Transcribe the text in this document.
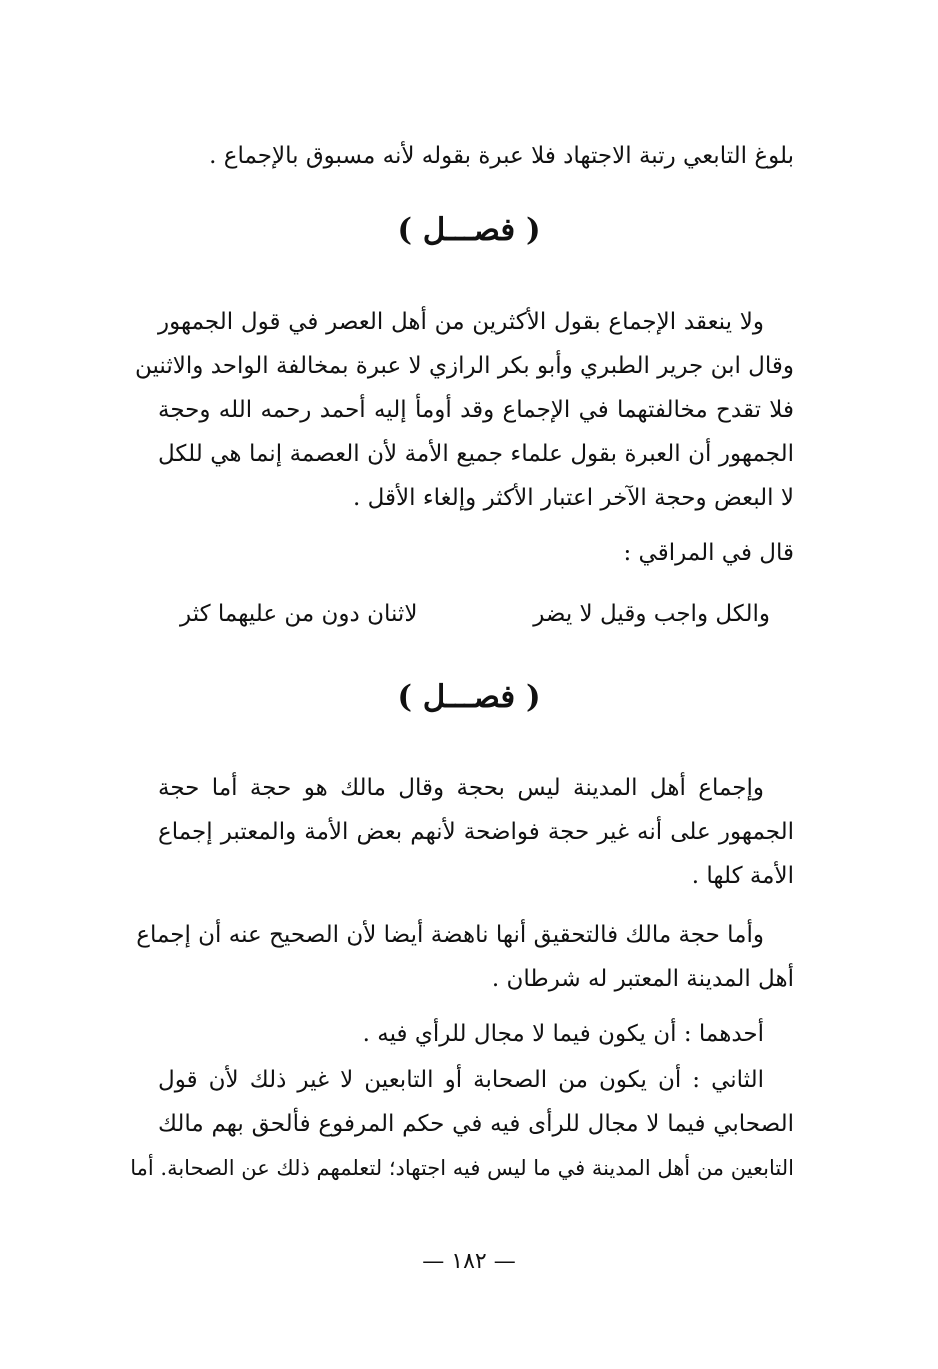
بلوغ التابعي رتبة الاجتهاد فلا عبرة بقوله لأنه مسبوق بالإجماع .
( فصـــل )
ولا ينعقد الإجماع بقول الأكثرين من أهل العصر في قول الجمهور
وقال ابن جرير الطبري وأبو بكر الرازي لا عبرة بمخالفة الواحد والاثنين
فلا تقدح مخالفتهما في الإجماع وقد أومأ إليه أحمد رحمه الله وحجة
الجمهور أن العبرة بقول علماء جميع الأمة لأن العصمة إنما هي للكل
لا البعض وحجة الآخر اعتبار الأكثر وإلغاء الأقل .
قال في المراقي :
والكل واجب وقيل لا يضر
لاثنان دون من عليهما كثر
( فصـــل )
وإجماع أهل المدينة ليس بحجة وقال مالك هو حجة أما حجة
الجمهور على أنه غير حجة فواضحة لأنهم بعض الأمة والمعتبر إجماع
الأمة كلها .
وأما حجة مالك فالتحقيق أنها ناهضة أيضا لأن الصحيح عنه أن إجماع
أهل المدينة المعتبر له شرطان .
أحدهما : أن يكون فيما لا مجال للرأي فيه .
الثاني : أن يكون من الصحابة أو التابعين لا غير ذلك لأن قول
الصحابي فيما لا مجال للرأى فيه في حكم المرفوع فألحق بهم مالك
التابعين من أهل المدينة في ما ليس فيه اجتهاد؛ لتعلمهم ذلك عن الصحابة. أما
— ١٨٢ —
